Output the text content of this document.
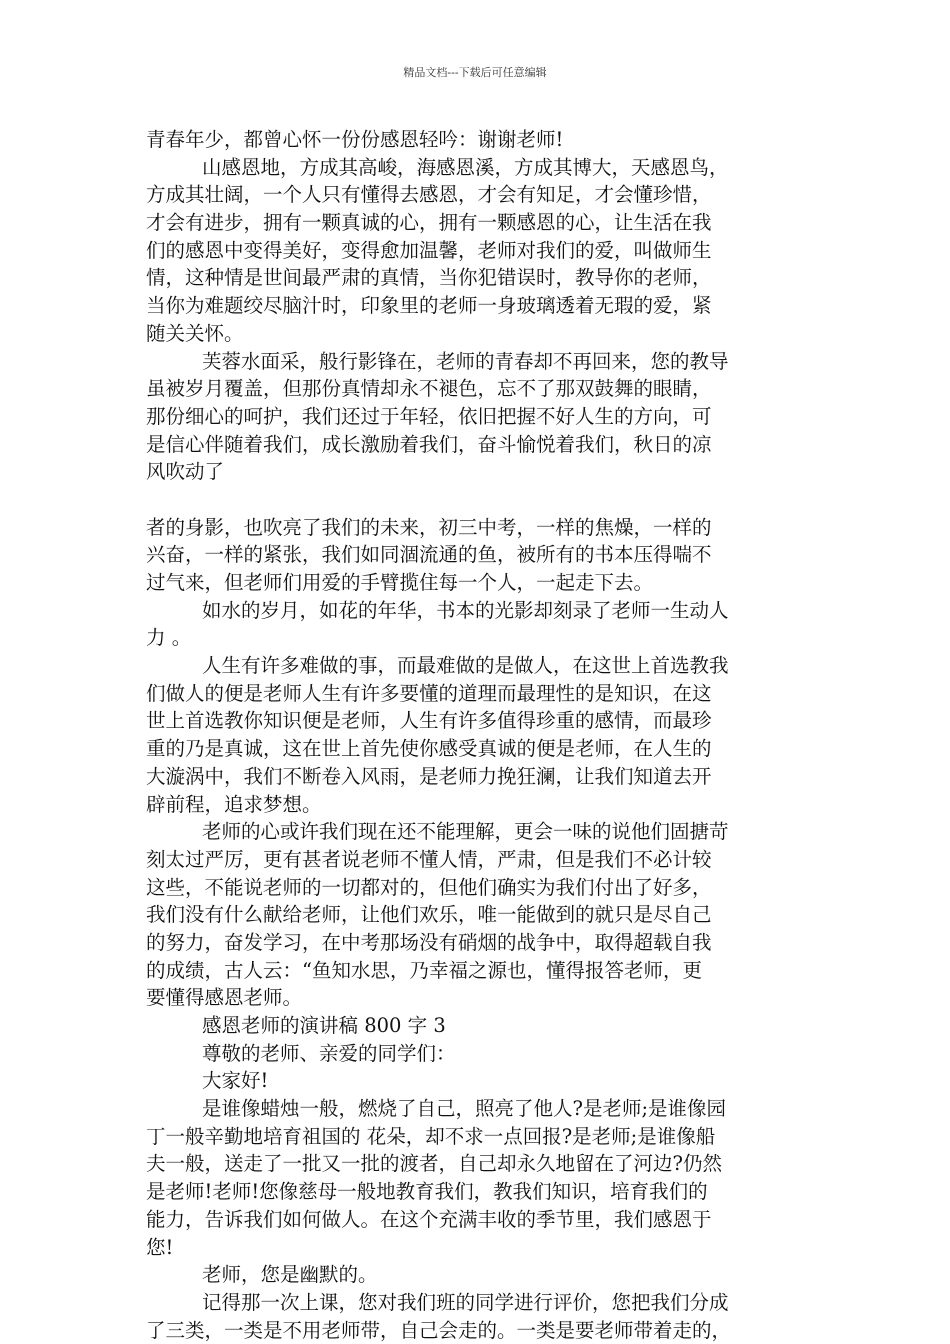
精品文档---下载后可任意编辑

青春年少，都曾心怀一份份感恩轻吟：谢谢老师!

山感恩地，方成其高峻，海感恩溪，方成其博大，天感恩鸟，

方成其壮阔，一个人只有懂得去感恩，才会有知足，才会懂珍惜，

才会有进步，拥有一颗真诚的心，拥有一颗感恩的心，让生活在我

们的感恩中变得美好，变得愈加温馨，老师对我们的爱，叫做师生

情，这种情是世间最严肃的真情，当你犯错误时，教导你的老师，

当你为难题绞尽脑汁时，印象里的老师一身玻璃透着无瑕的爱，紧

随关关怀。

芙蓉水面采，般行影锋在，老师的青春却不再回来，您的教导

虽被岁月覆盖，但那份真情却永不褪色，忘不了那双鼓舞的眼睛，

那份细心的呵护，我们还过于年轻，依旧把握不好人生的方向，可

是信心伴随着我们，成长激励着我们，奋斗愉悦着我们，秋日的凉

风吹动了

者的身影，也吹亮了我们的未来，初三中考，一样的焦燥，一样的

兴奋，一样的紧张，我们如同涸流通的鱼，被所有的书本压得喘不

过气来，但老师们用爱的手臂揽住每一个人，一起走下去。

如水的岁月，如花的年华，书本的光影却刻录了老师一生动人

力 。

人生有许多难做的事，而最难做的是做人，在这世上首选教我

们做人的便是老师人生有许多要懂的道理而最理性的是知识，在这

世上首选教你知识便是老师，人生有许多值得珍重的感情，而最珍

重的乃是真诚，这在世上首先使你感受真诚的便是老师，在人生的

大漩涡中，我们不断卷入风雨，是老师力挽狂澜，让我们知道去开

辟前程，追求梦想。

老师的心或许我们现在还不能理解，更会一味的说他们固搪苛

刻太过严厉，更有甚者说老师不懂人情，严肃，但是我们不必计较

这些，不能说老师的一切都对的，但他们确实为我们付出了好多，

我们没有什么献给老师，让他们欢乐，唯一能做到的就只是尽自己

的努力，奋发学习，在中考那场没有硝烟的战争中，取得超载自我

的成绩，古人云：“鱼知水思，乃幸福之源也，懂得报答老师，更

要懂得感恩老师。

感恩老师的演讲稿 800 字 3

尊敬的老师、亲爱的同学们：

大家好!

是谁像蜡烛一般，燃烧了自己，照亮了他人?是老师;是谁像园

丁一般辛勤地培育祖国的 花朵，却不求一点回报?是老师;是谁像船

夫一般，送走了一批又一批的渡者，自己却永久地留在了河边?仍然

是老师!老师!您像慈母一般地教育我们，教我们知识，培育我们的

能力，告诉我们如何做人。在这个充满丰收的季节里，我们感恩于

您!

老师，您是幽默的。

记得那一次上课，您对我们班的同学进行评价，您把我们分成

了三类，一类是不用老师带，自己会走的。一类是要老师带着走的，
